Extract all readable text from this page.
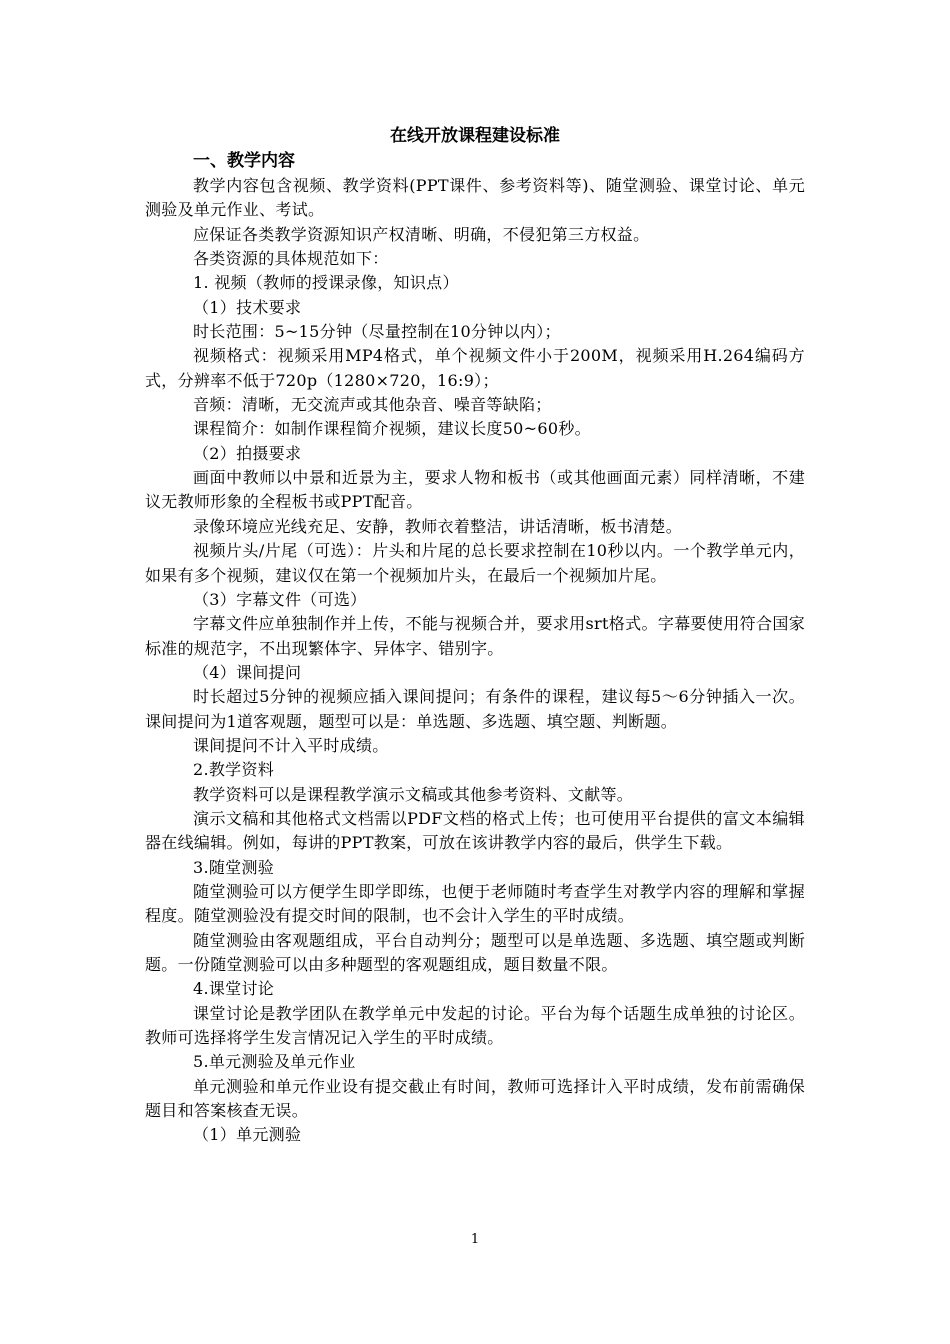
在线开放课程建设标准
一、教学内容

教学内容包含视频、教学资料(PPT课件、参考资料等)、随堂测验、课堂讨论、单元测验及单元作业、考试。

应保证各类教学资源知识产权清晰、明确，不侵犯第三方权益。

各类资源的具体规范如下：

1. 视频（教师的授课录像，知识点）

（1）技术要求

时长范围：5~15分钟（尽量控制在10分钟以内）；

视频格式：视频采用MP4格式，单个视频文件小于200M，视频采用H.264编码方式，分辨率不低于720p（1280×720，16:9）；

音频：清晰，无交流声或其他杂音、噪音等缺陷；

课程简介：如制作课程简介视频，建议长度50~60秒。

（2）拍摄要求

画面中教师以中景和近景为主，要求人物和板书（或其他画面元素）同样清晰，不建议无教师形象的全程板书或PPT配音。

录像环境应光线充足、安静，教师衣着整洁，讲话清晰，板书清楚。

视频片头/片尾（可选）：片头和片尾的总长要求控制在10秒以内。一个教学单元内，如果有多个视频，建议仅在第一个视频加片头，在最后一个视频加片尾。

（3）字幕文件（可选）

字幕文件应单独制作并上传，不能与视频合并，要求用srt格式。字幕要使用符合国家标准的规范字，不出现繁体字、异体字、错别字。

（4）课间提问

时长超过5分钟的视频应插入课间提问；有条件的课程，建议每5～6分钟插入一次。课间提问为1道客观题，题型可以是：单选题、多选题、填空题、判断题。

课间提问不计入平时成绩。

2.教学资料

教学资料可以是课程教学演示文稿或其他参考资料、文献等。

演示文稿和其他格式文档需以PDF文档的格式上传；也可使用平台提供的富文本编辑器在线编辑。例如，每讲的PPT教案，可放在该讲教学内容的最后，供学生下载。

3.随堂测验

随堂测验可以方便学生即学即练，也便于老师随时考查学生对教学内容的理解和掌握程度。随堂测验没有提交时间的限制，也不会计入学生的平时成绩。

随堂测验由客观题组成，平台自动判分；题型可以是单选题、多选题、填空题或判断题。一份随堂测验可以由多种题型的客观题组成，题目数量不限。

4.课堂讨论

课堂讨论是教学团队在教学单元中发起的讨论。平台为每个话题生成单独的讨论区。教师可选择将学生发言情况记入学生的平时成绩。

5.单元测验及单元作业

单元测验和单元作业设有提交截止有时间，教师可选择计入平时成绩，发布前需确保题目和答案核查无误。

（1）单元测验

1
